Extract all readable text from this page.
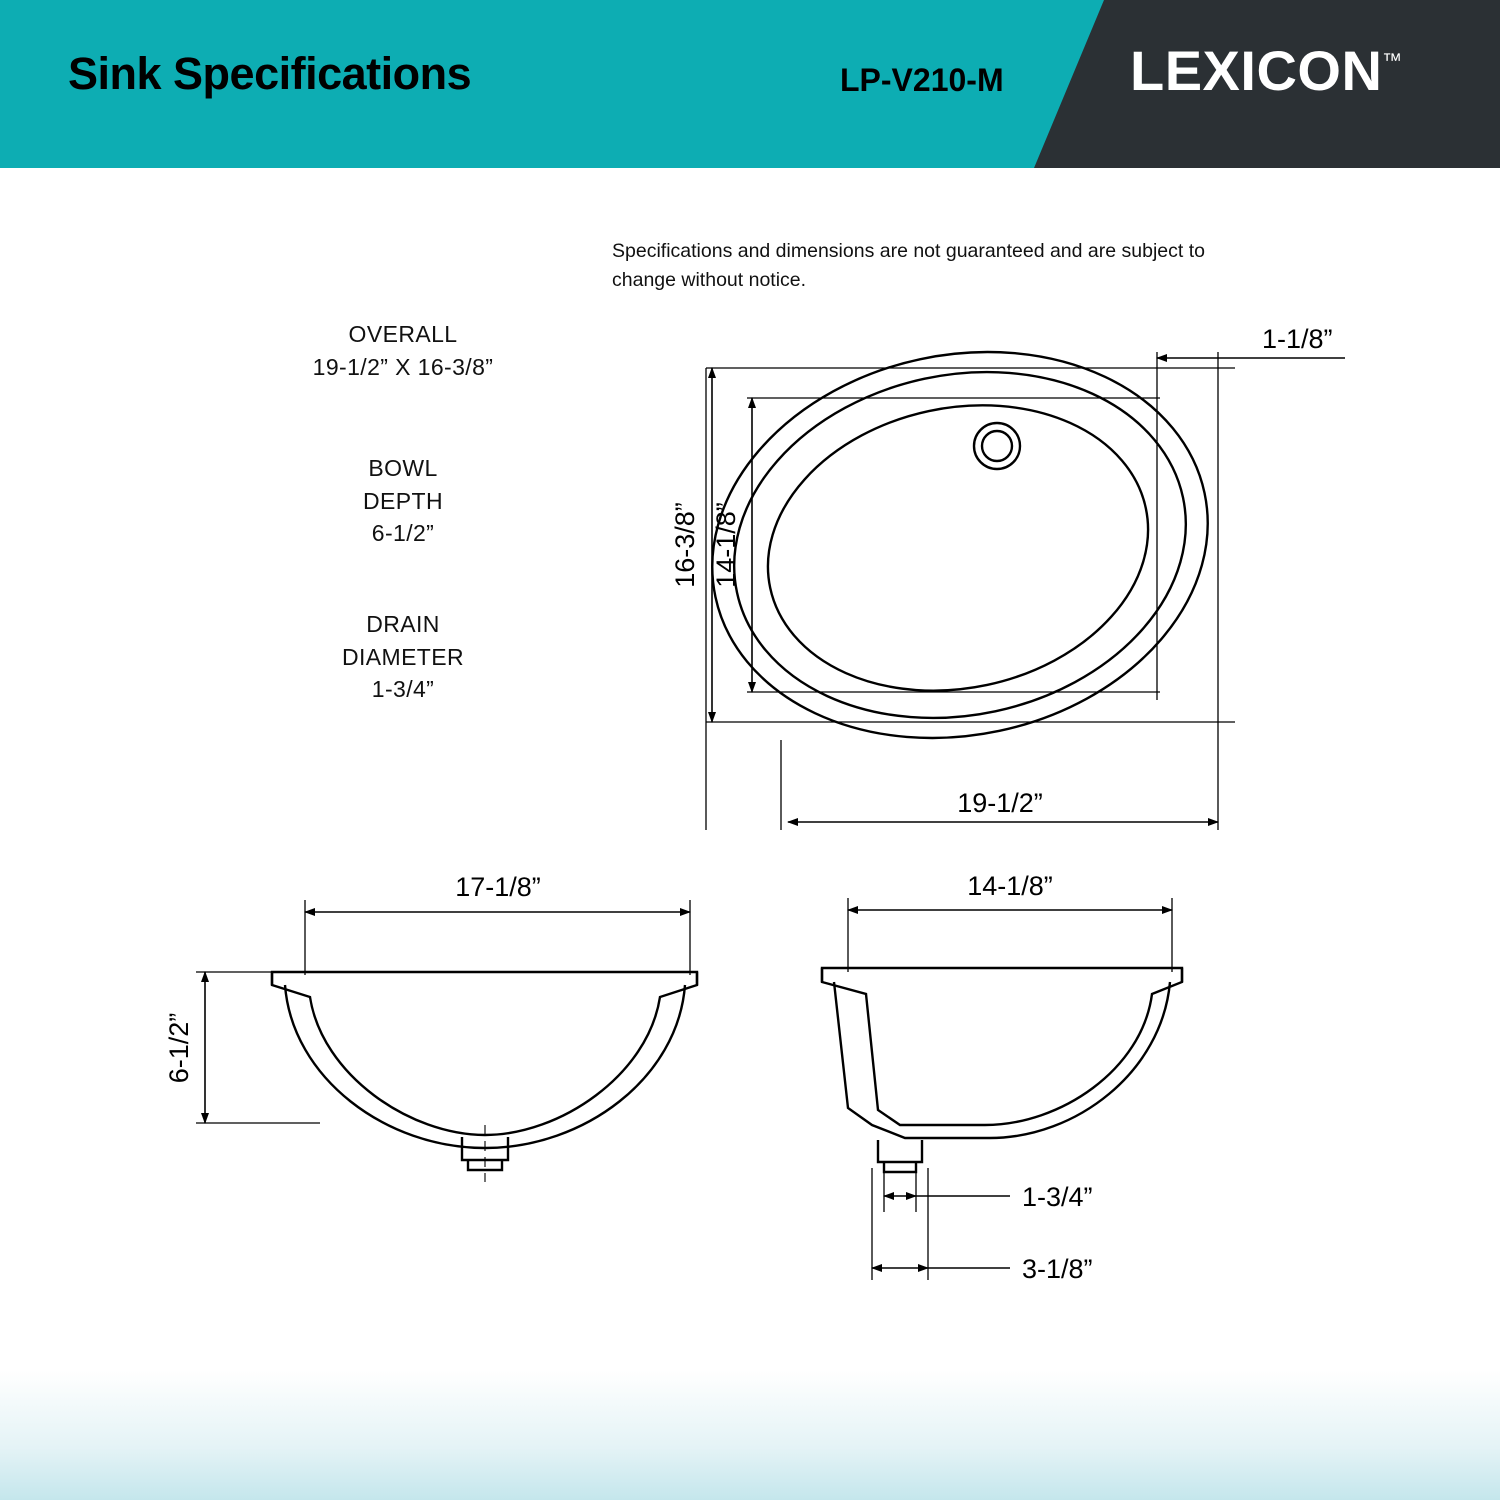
Sink Specifications	LP-V210-M LEXICON ™
Specifications and dimensions are not guaranteed and are subject to change without notice.
OVERALL
19-1/2” X 16-3/8”
BOWL
DEPTH
6-1/2”
DRAIN
DIAMETER
1-3/4”
16-3/8” 14-1/8”
19-1/2”
1-1/8”
17-1/8”
6-1/2”
14-1/8”
1-3/4”
3-1/8”
